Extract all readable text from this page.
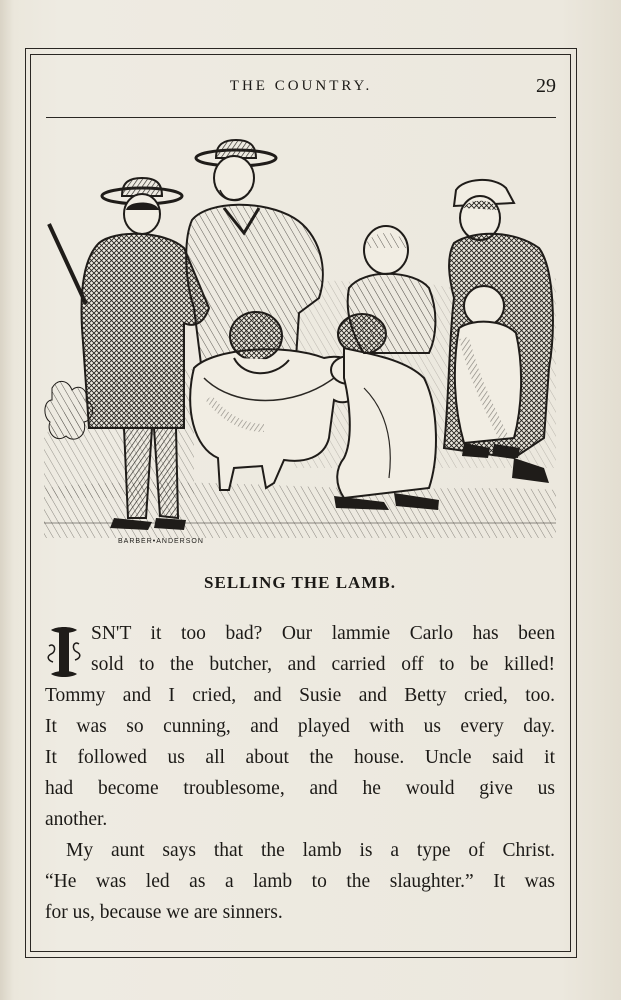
THE COUNTRY.	29
BARBER•ANDERSON
SELLING THE LAMB.
SN'T it too bad? Our lammie Carlo has been
sold to the butcher, and carried off to be killed!
Tommy and I cried, and Susie and Betty cried, too.
It was so cunning, and played with us every day.
It followed us all about the house. Uncle said it
had become troublesome, and he would give us
another.
My aunt says that the lamb is a type of Christ.
“He was led as a lamb to the slaughter.” It was
for us, because we are sinners.
